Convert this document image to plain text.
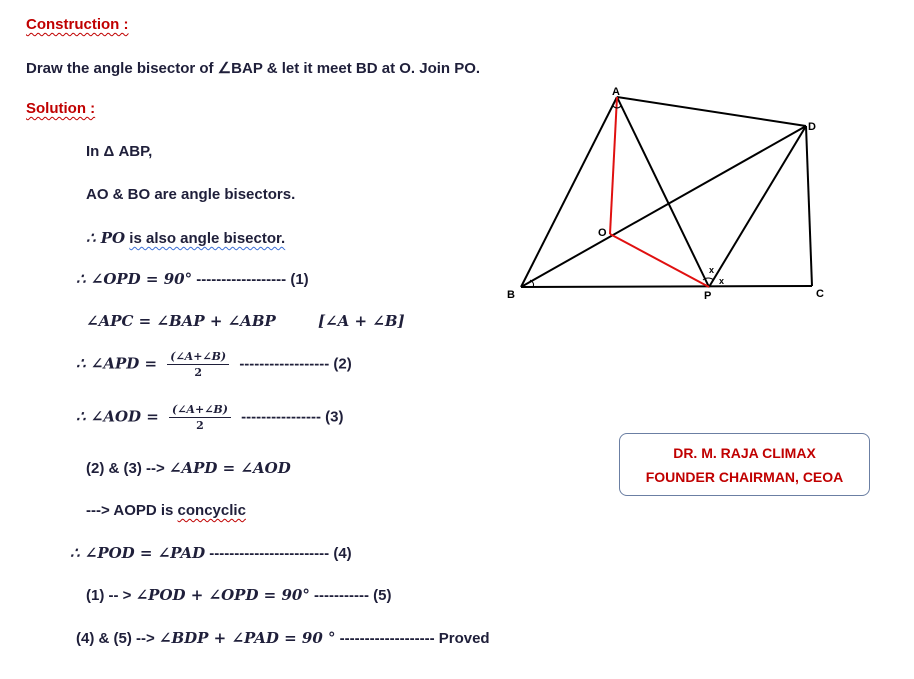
Construction :
Draw the angle bisector of ∠BAP & let it meet BD at O. Join PO.
Solution :
In Δ ABP,
AO & BO are angle bisectors.
∴ PO is also angle bisector.
∴ ∠OPD = 90° ------------------ (1)
∠APC = ∠BAP + ∠ABP	[∠A + ∠B]
∴ ∠APD = $\frac{(\angle A+\angle B)}{2}$ ------------------ (2)
∴ ∠AOD = $\frac{(\angle A+\angle B)}{2}$ ---------------- (3)
(2) & (3) --> ∠APD = ∠AOD
---> AOPD is concyclic
∴ ∠POD = ∠PAD ------------------------ (4)
(1) -- > ∠POD + ∠OPD = 90° ----------- (5)
(4) & (5) --> ∠BDP + ∠PAD = 90 ° ------------------- Proved
A
D
B	C
O
P
x
x
DR. M. RAJA CLIMAX
FOUNDER CHAIRMAN, CEOA
